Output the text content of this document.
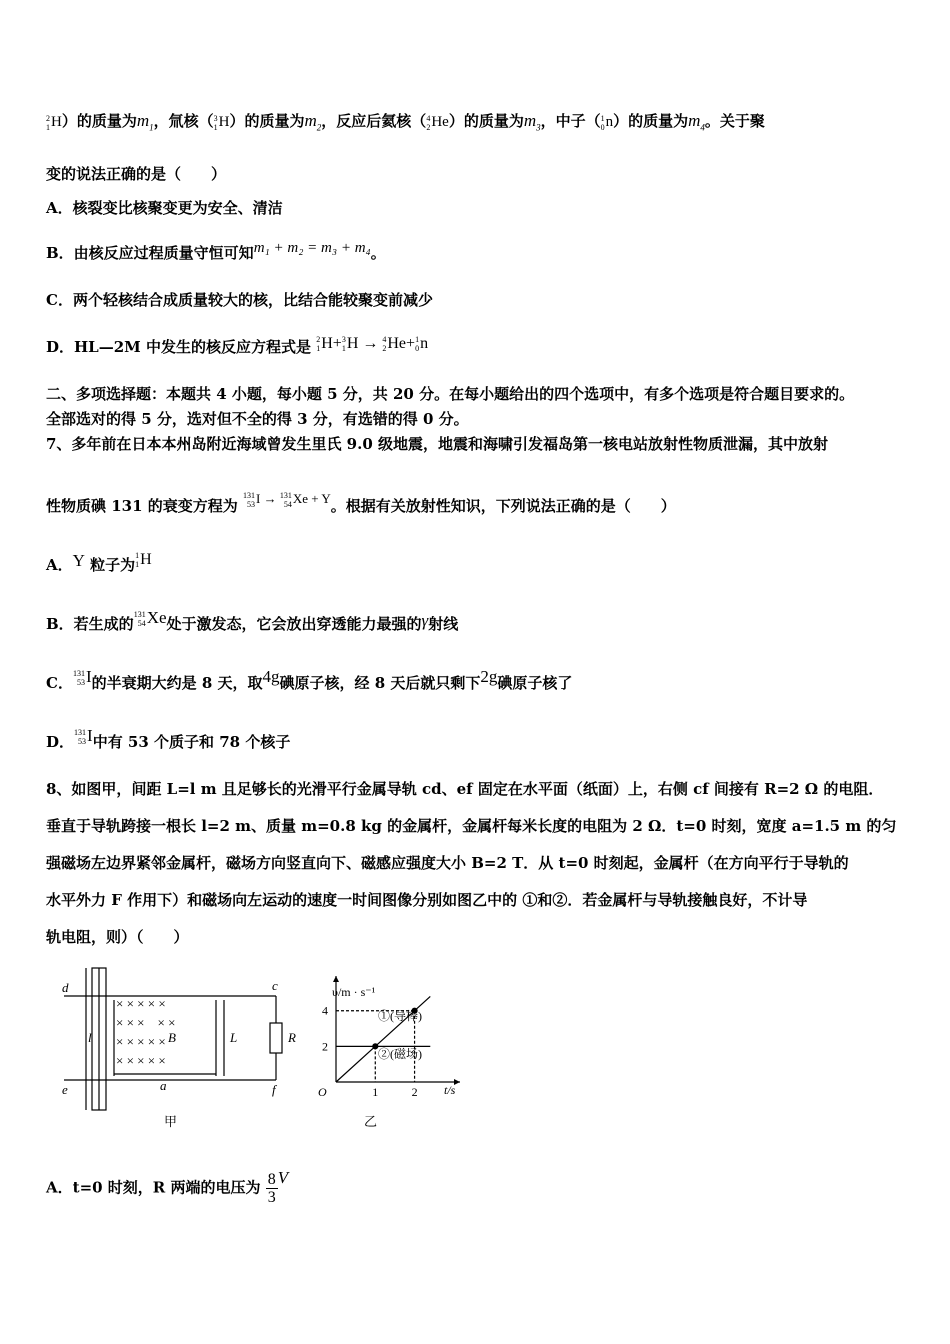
2
1 H）的质量为$m_1$，氚核（ 3
1 H）的质量为$m_2$，反应后氦核（ 4
2 He）的质量为$m_3$，中子（ 1
0 n）的质量为$m_4$。关于聚
变的说法正确的是（　　）
A．核裂变比核聚变更为安全、清洁
B．由核反应过程质量守恒可知m₁ + m₂ = m₃ + m₄。
C．两个轻核结合成质量较大的核，比结合能较聚变前减少
D．HL—2M 中发生的核反应方程式是 2
1 H+ 3
1 H → 4
2 He+ 1
0 n
二、多项选择题：本题共 4 小题，每小题 5 分，共 20 分。在每小题给出的四个选项中，有多个选项是符合题目要求的。
全部选对的得 5 分，选对但不全的得 3 分，有选错的得 0 分。
7、多年前在日本本州岛附近海域曾发生里氏 9.0 级地震，地震和海啸引发福岛第一核电站放射性物质泄漏，其中放射
性物质碘 131 的衰变方程为
131
53 I → 131
54 Xe + Y。根据有关放射性知识，下列说法正确的是（　　）
A．Y 粒子为
1
1 H
B．若生成的
131
54 Xe处于激发态，它会放出穿透能力最强的γ射线
C．
131
53 I的半衰期大约是 8 天，取4g碘原子核，经 8 天后就只剩下2g碘原子核了
D．
131
53 I中有 53 个质子和 78 个核子
8、如图甲，间距 L=l m 且足够长的光滑平行金属导轨 cd、ef 固定在水平面（纸面）上，右侧 cf 间接有 R=2 Ω 的电阻．
垂直于导轨跨接一根长 l=2 m、质量 m=0.8 kg 的金属杆，金属杆每米长度的电阻为 2 Ω．t=0 时刻，宽度 a=1.5 m 的匀
强磁场左边界紧邻金属杆，磁场方向竖直向下、磁感应强度大小 B=2 T．从 t=0 时刻起，金属杆（在方向平行于导轨的
水平外力 F 作用下）和磁场向左运动的速度一时间图像分别如图乙中的 ①和②．若金属杆与导轨接触良好，不计导
轨电阻，则）（　　）
× × × × ×
× × ×    × ×
× × × × ×
× × × × ×
d
e
c
f
l	B	L	R
a
甲
4
2
1	2
υ/m · s⁻¹
t/s
O
①(导棒)
②(磁场)
乙
A．t=0 时刻，R 两端的电压为 $\frac{8}{3}$ V
